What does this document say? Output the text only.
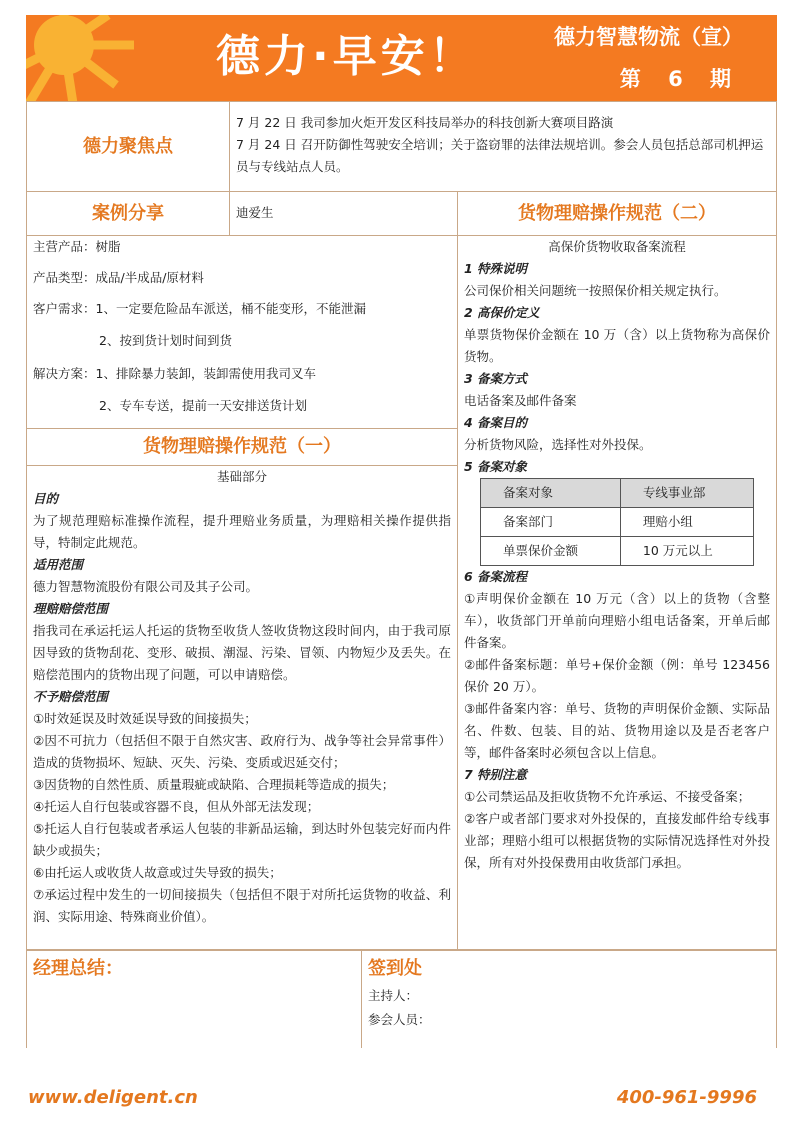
德力·早安！	德力智慧物流（宣）
第 6 期
德力聚焦点

7 月 22 日 我司参加火炬开发区科技局举办的科技创新大赛项目路演

7 月 24 日 召开防御性驾驶安全培训；关于盗窃罪的法律法规培训。参会人员包括总部司机押运员与专线站点人员。

案例分享	迪爱生	货物理赔操作规范（二）
主营产品：树脂
产品类型：成品/半成品/原材料
客户需求：1、一定要危险品车派送，桶不能变形，不能泄漏
2、按到货计划时间到货
解决方案：1、排除暴力装卸，装卸需使用我司叉车
2、专车专送，提前一天安排送货计划
货物理赔操作规范（一）
基础部分
目的
为了规范理赔标准操作流程，提升理赔业务质量，为理赔相关操作提供指导，特制定此规范。
适用范围
德力智慧物流股份有限公司及其子公司。
理赔赔偿范围
指我司在承运托运人托运的货物至收货人签收货物这段时间内，由于我司原因导致的货物刮花、变形、破损、潮湿、污染、冒领、内物短少及丢失。在赔偿范围内的货物出现了问题，可以申请赔偿。
不予赔偿范围
①时效延误及时效延误导致的间接损失；
②因不可抗力（包括但不限于自然灾害、政府行为、战争等社会异常事件）造成的货物损坏、短缺、灭失、污染、变质或迟延交付；
③因货物的自然性质、质量瑕疵或缺陷、合理损耗等造成的损失；
④托运人自行包装或容器不良，但从外部无法发现；
⑤托运人自行包装或者承运人包装的非新品运输，到达时外包装完好而内件缺少或损失；
⑥由托运人或收货人故意或过失导致的损失；
⑦承运过程中发生的一切间接损失（包括但不限于对所托运货物的收益、利润、实际用途、特殊商业价值）。
高保价货物收取备案流程
1 特殊说明
公司保价相关问题统一按照保价相关规定执行。
2 高保价定义
单票货物保价金额在 10 万（含）以上货物称为高保价货物。
3 备案方式
电话备案及邮件备案
4 备案目的
分析货物风险，选择性对外投保。
5 备案对象
备案对象	专线事业部
备案部门	理赔小组
单票保价金额	10 万元以上
6 备案流程
①声明保价金额在 10 万元（含）以上的货物（含整车），收货部门开单前向理赔小组电话备案，开单后邮件备案。
②邮件备案标题：单号+保价金额（例：单号 123456 保价 20 万）。
③邮件备案内容：单号、货物的声明保价金额、实际品名、件数、包装、目的站、货物用途以及是否老客户等，邮件备案时必须包含以上信息。
7 特别注意
①公司禁运品及拒收货物不允许承运、不接受备案；
②客户或者部门要求对外投保的，直接发邮件给专线事业部；理赔小组可以根据货物的实际情况选择性对外投保，所有对外投保费用由收货部门承担。
经理总结：	签到处
主持人：
参会人员：
www.deligent.cn	400-961-9996
